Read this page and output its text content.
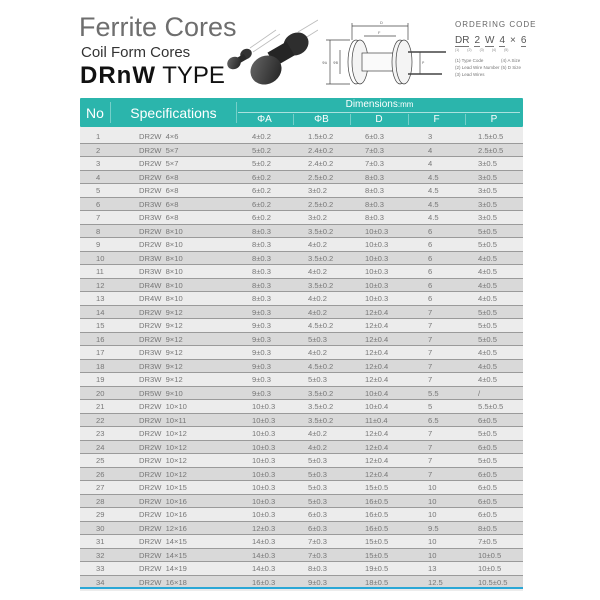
Ferrite Cores
Coil Form Cores
DRnW TYPE
D
F
ΦA ΦB	P
ORDERING CODE
DR 2 W 4 × 6
(1) (2) (3) (4) (5)
(1) Type Code	(4) A Size
(2) Lead Wire Number (5) D Size
(3) Lead Wires
No	Specifications	Dimensions:mm
ΦA	ΦB	D	F	P
1	DR2W  4×6	4±0.2	1.5±0.2	6±0.3	3	1.5±0.5
2	DR2W  5×7	5±0.2	2.4±0.2	7±0.3	4	2.5±0.5
3	DR2W  5×7	5±0.2	2.4±0.2	7±0.3	4	3±0.5
4	DR2W  6×8	6±0.2	2.5±0.2	8±0.3	4.5	3±0.5
5	DR2W  6×8	6±0.2	3±0.2	8±0.3	4.5	3±0.5
6	DR3W  6×8	6±0.2	2.5±0.2	8±0.3	4.5	3±0.5
7	DR3W  6×8	6±0.2	3±0.2	8±0.3	4.5	3±0.5
8	DR2W  8×10	8±0.3	3.5±0.2	10±0.3	6	5±0.5
9	DR2W  8×10	8±0.3	4±0.2	10±0.3	6	5±0.5
10	DR3W  8×10	8±0.3	3.5±0.2	10±0.3	6	4±0.5
11	DR3W  8×10	8±0.3	4±0.2	10±0.3	6	4±0.5
12	DR4W  8×10	8±0.3	3.5±0.2	10±0.3	6	4±0.5
13	DR4W  8×10	8±0.3	4±0.2	10±0.3	6	4±0.5
14	DR2W  9×12	9±0.3	4±0.2	12±0.4	7	5±0.5
15	DR2W  9×12	9±0.3	4.5±0.2	12±0.4	7	5±0.5
16	DR2W  9×12	9±0.3	5±0.3	12±0.4	7	5±0.5
17	DR3W  9×12	9±0.3	4±0.2	12±0.4	7	4±0.5
18	DR3W  9×12	9±0.3	4.5±0.2	12±0.4	7	4±0.5
19	DR3W  9×12	9±0.3	5±0.3	12±0.4	7	4±0.5
20	DR5W  9×10	9±0.3	3.5±0.2	10±0.4	5.5	/
21	DR2W  10×10	10±0.3	3.5±0.2	10±0.4	5	5.5±0.5
22	DR2W  10×11	10±0.3	3.5±0.2	11±0.4	6.5	6±0.5
23	DR2W  10×12	10±0.3	4±0.2	12±0.4	7	5±0.5
24	DR2W  10×12	10±0.3	4±0.2	12±0.4	7	6±0.5
25	DR2W  10×12	10±0.3	5±0.3	12±0.4	7	5±0.5
26	DR2W  10×12	10±0.3	5±0.3	12±0.4	7	6±0.5
27	DR2W  10×15	10±0.3	5±0.3	15±0.5	10	6±0.5
28	DR2W  10×16	10±0.3	5±0.3	16±0.5	10	6±0.5
29	DR2W  10×16	10±0.3	6±0.3	16±0.5	10	6±0.5
30	DR2W  12×16	12±0.3	6±0.3	16±0.5	9.5	8±0.5
31	DR2W  14×15	14±0.3	7±0.3	15±0.5	10	7±0.5
32	DR2W  14×15	14±0.3	7±0.3	15±0.5	10	10±0.5
33	DR2W  14×19	14±0.3	8±0.3	19±0.5	13	10±0.5
34	DR2W  16×18	16±0.3	9±0.3	18±0.5	12.5	10.5±0.5
